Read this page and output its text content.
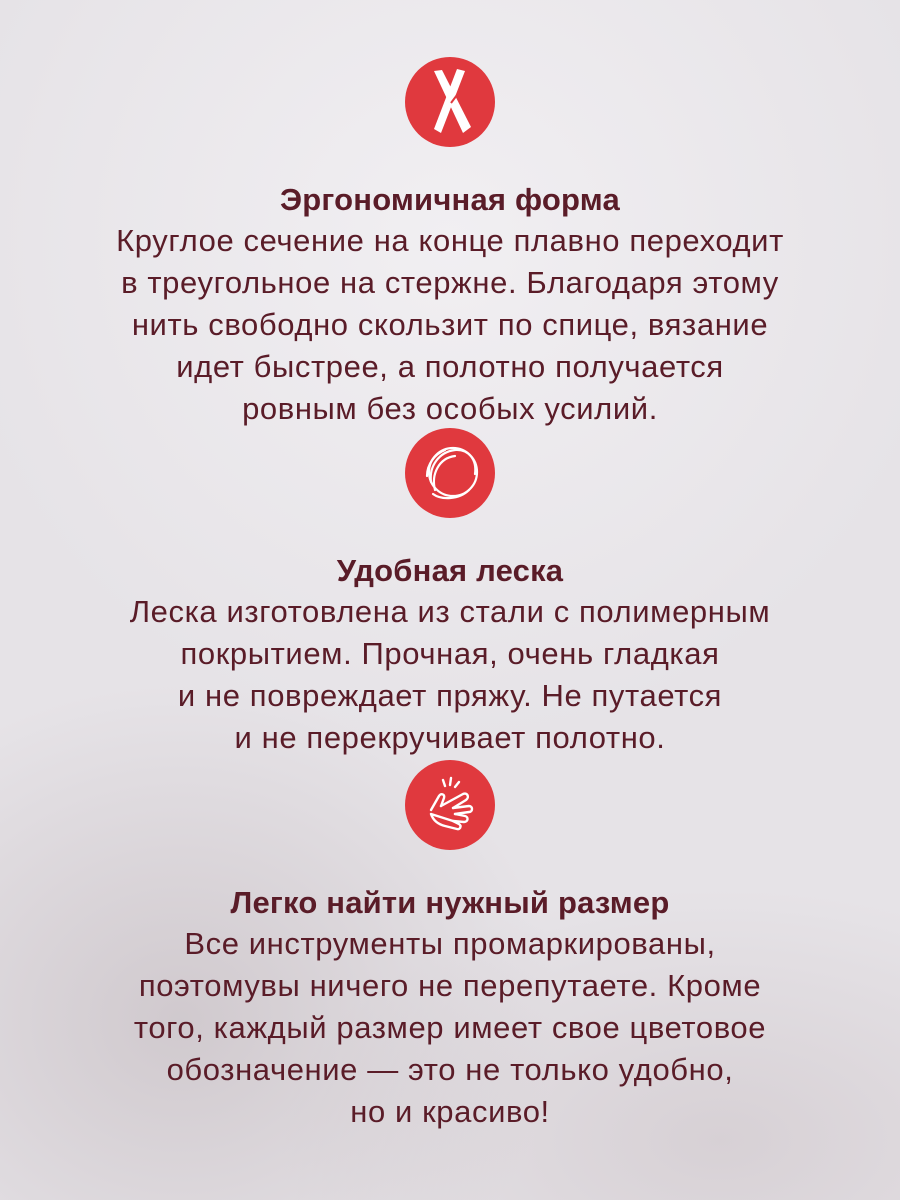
Эргономичная форма
Круглое сечение на конце плавно переходит
в треугольное на стержне. Благодаря этому
нить свободно скользит по спице, вязание
идет быстрее, а полотно получается
ровным без особых усилий.
Удобная леска
Леска изготовлена из стали с полимерным
покрытием. Прочная, очень гладкая
и не повреждает пряжу. Не путается
и не перекручивает полотно.
Легко найти нужный размер
Все инструменты промаркированы,
поэтомувы ничего не перепутаете. Кроме
того, каждый размер имеет свое цветовое
обозначение — это не только удобно,
но и красиво!
